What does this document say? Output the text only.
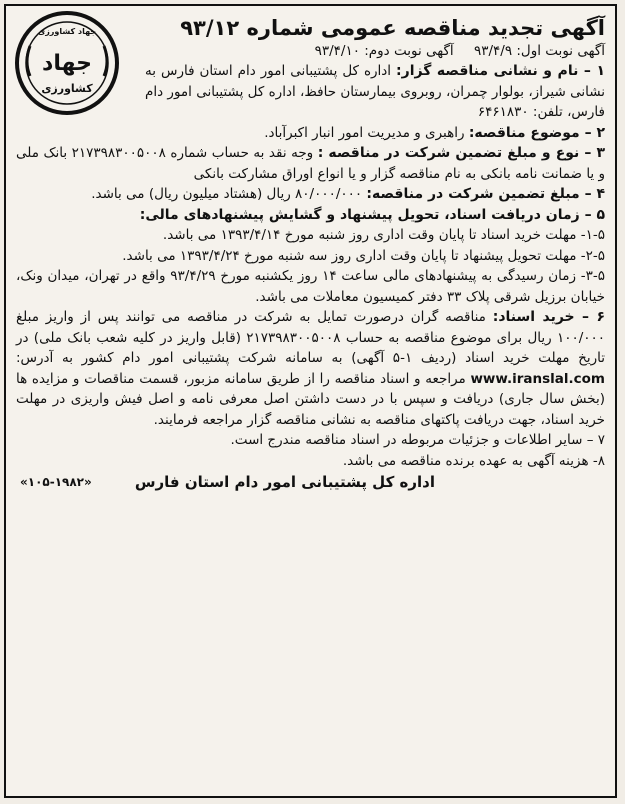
جهاد کشاورزی
جهاد
کشاورزی
آگهی تجدید مناقصه عمومی شماره ۹۳/۱۲
آگهی نوبت اول: ۹۳/۴/۹ آگهی نوبت دوم: ۹۳/۴/۱۰

۱ – نام و نشانی مناقصه گزار: اداره کل پشتیبانی امور دام استان فارس به نشانی شیراز، بولوار چمران، روبروی بیمارستان حافظ، اداره کل پشتیبانی امور دام فارس، تلفن: ۶۴۶۱۸۳۰

۲ – موضوع مناقصه: راهبری و مدیریت امور انبار اکبرآباد.

۳ – نوع و مبلغ تضمین شرکت در مناقصه : وجه نقد به حساب شماره ۲۱۷۳۹۸۳۰۰۵۰۰۸ بانک ملی و یا ضمانت نامه بانکی به نام مناقصه گزار و یا انواع اوراق مشارکت بانکی

۴ – مبلغ تضمین شرکت در مناقصه: ۸۰/۰۰۰/۰۰۰ ریال (هشتاد میلیون ریال) می باشد.

۵ – زمان دریافت اسناد، تحویل پیشنهاد و گشایش پیشنهادهای مالی:

۱-۵- مهلت خرید اسناد تا پایان وقت اداری روز شنبه مورخ ۱۳۹۳/۴/۱۴ می باشد.

۲-۵- مهلت تحویل پیشنهاد تا پایان وقت اداری روز سه شنبه مورخ ۱۳۹۳/۴/۲۴ می باشد.

۳-۵- زمان رسیدگی به پیشنهادهای مالی ساعت ۱۴ روز یکشنبه مورخ ۹۳/۴/۲۹ واقع در تهران، میدان ونک، خیابان برزیل شرقی پلاک ۳۳ دفتر کمیسیون معاملات می باشد.

۶ – خرید اسناد: مناقصه گران درصورت تمایل به شرکت در مناقصه می توانند پس از واریز مبلغ ۱۰۰/۰۰۰ ریال برای موضوع مناقصه به حساب ۲۱۷۳۹۸۳۰۰۵۰۰۸ (قابل واریز در کلیه شعب بانک ملی) در تاریخ مهلت خرید اسناد (ردیف ۱-۵ آگهی) به سامانه شرکت پشتیبانی امور دام کشور به آدرس: www.iranslal.com مراجعه و اسناد مناقصه را از طریق سامانه مزبور، قسمت مناقصات و مزایده ها (بخش سال جاری) دریافت و سپس با در دست داشتن اصل معرفی نامه و اصل فیش واریزی در مهلت خرید اسناد، جهت دریافت پاکتهای مناقصه به نشانی مناقصه گزار مراجعه فرمایند.

۷ – سایر اطلاعات و جزئیات مربوطه در اسناد مناقصه مندرج است.

۸- هزینه آگهی به عهده برنده مناقصه می باشد.

اداره کل پشتیبانی امور دام استان فارس
«۱۰۵-۱۹۸۲»
